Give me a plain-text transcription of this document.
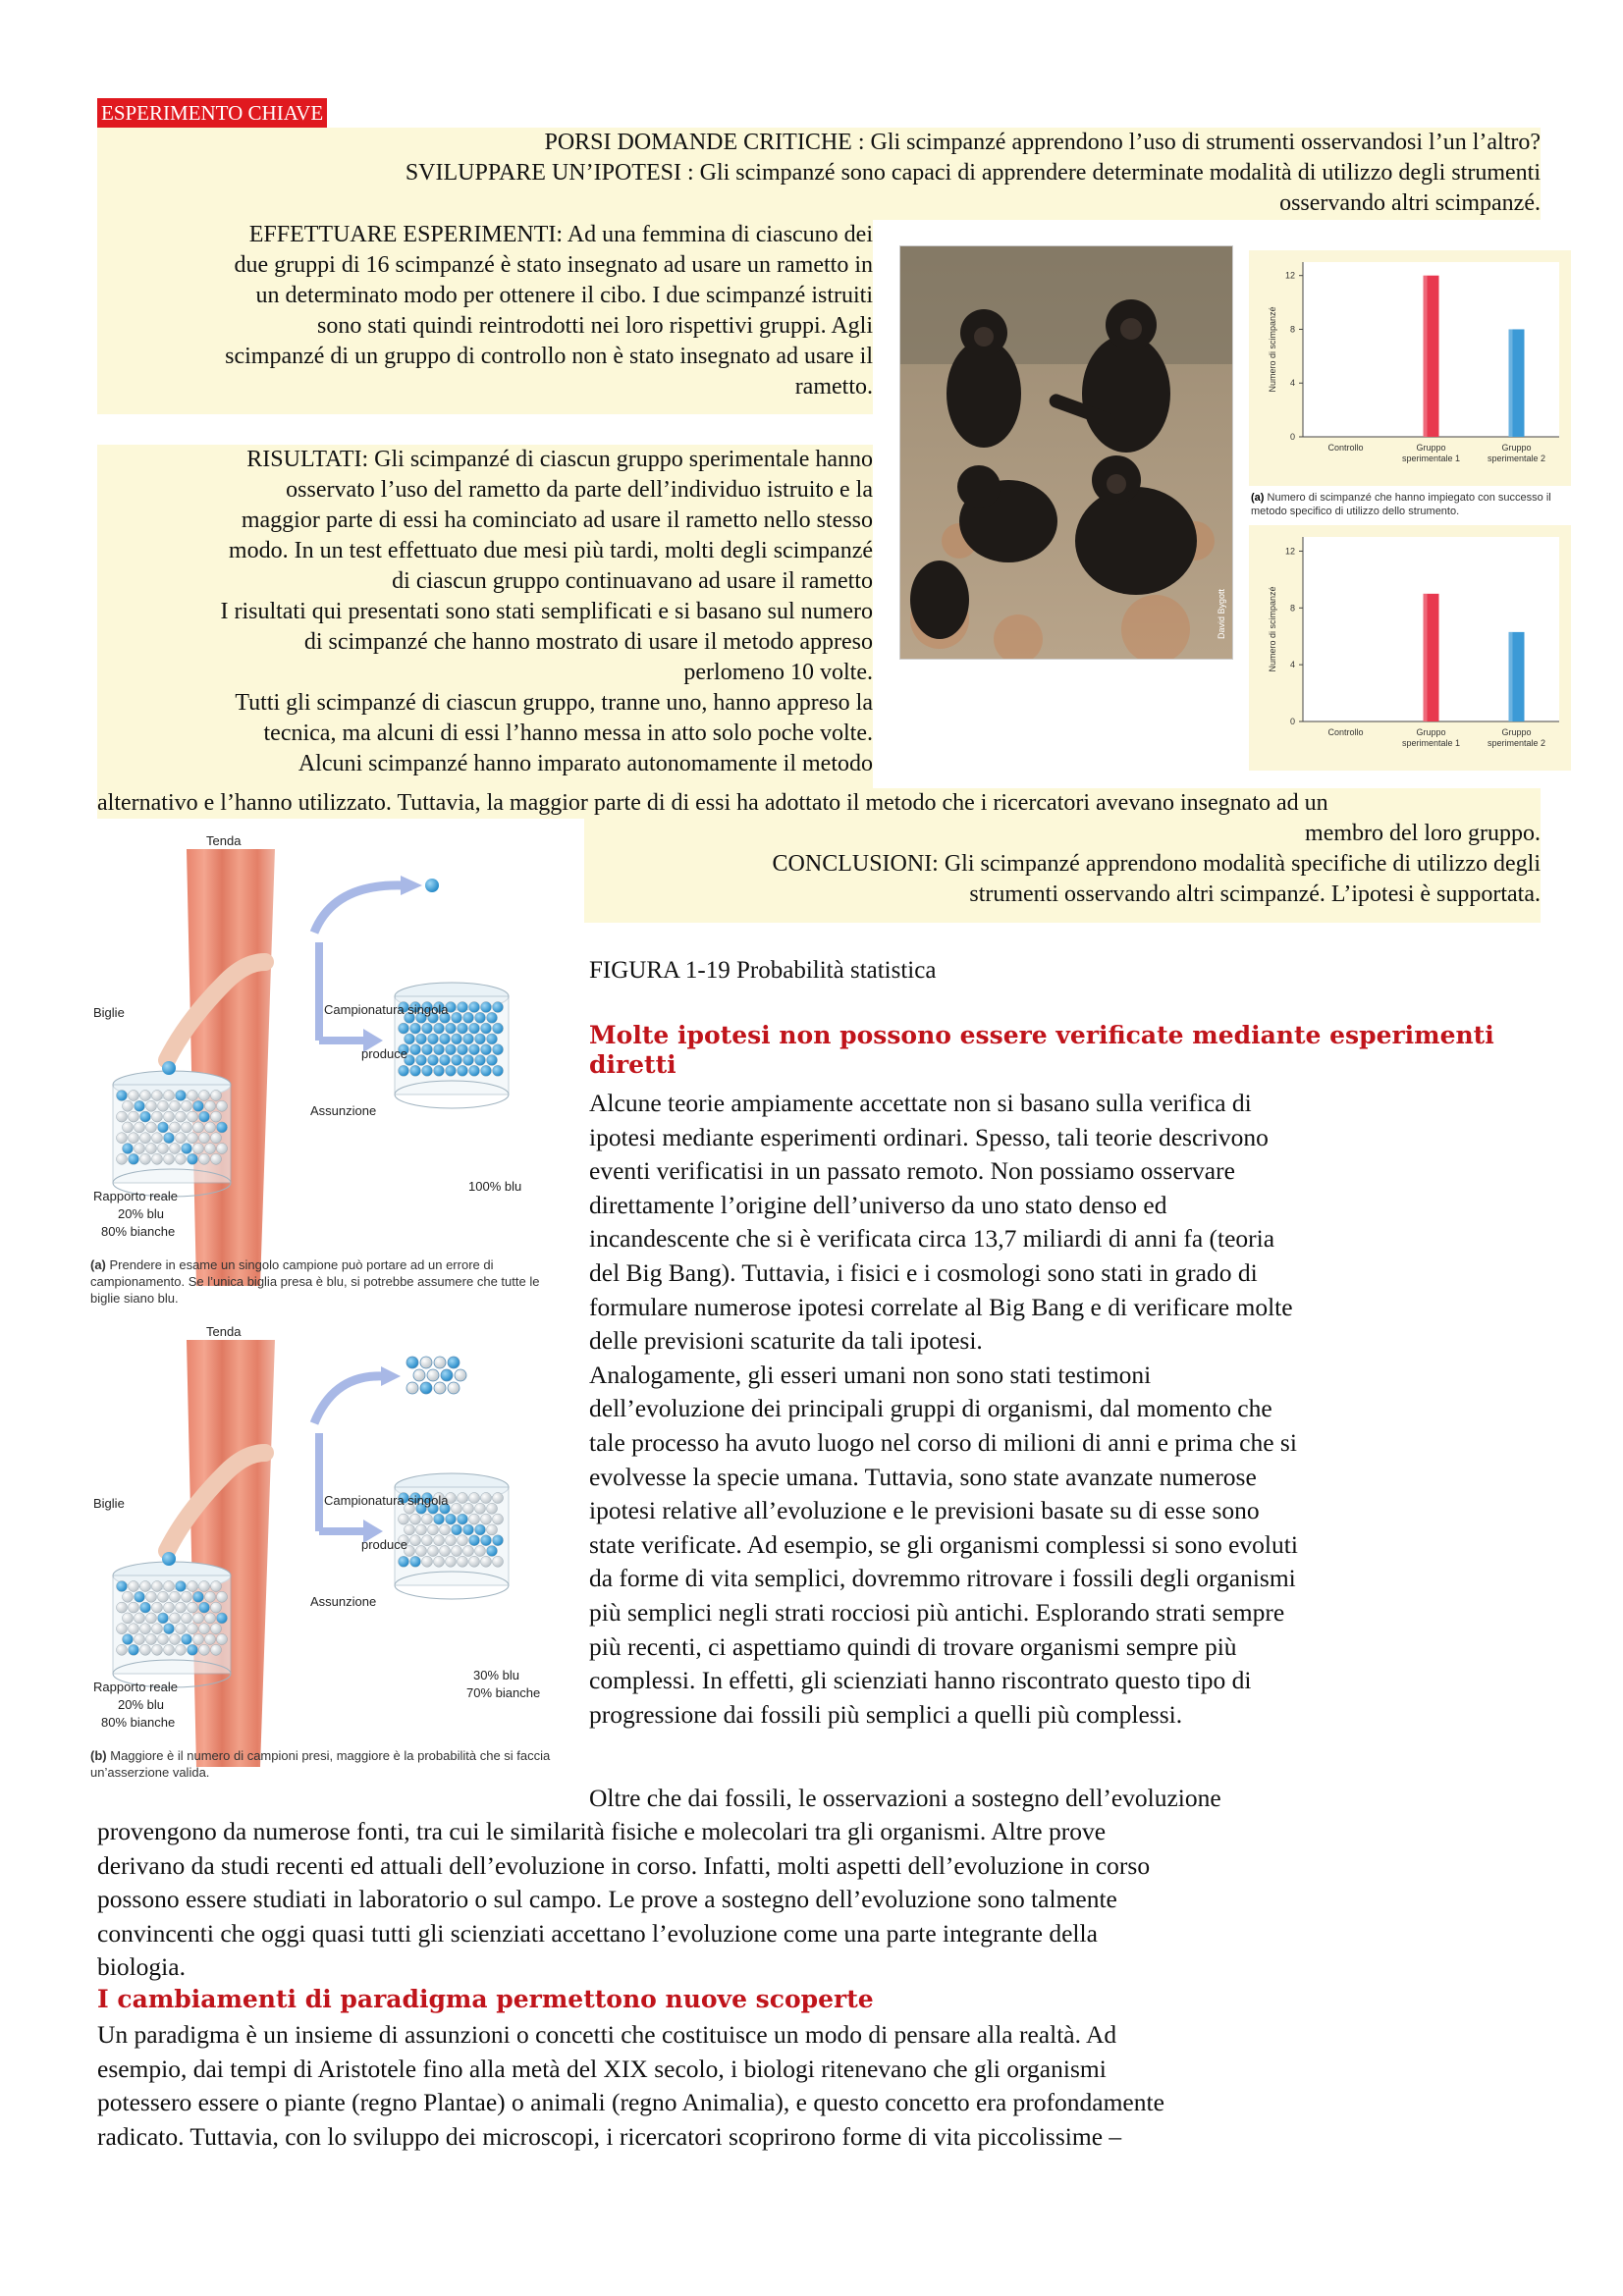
ESPERIMENTO CHIAVE

PORSI DOMANDE CRITICHE : Gli scimpanzé apprendono l’uso di strumenti osservandosi l’un l’altro?

SVILUPPARE UN’IPOTESI : Gli scimpanzé sono capaci di apprendere determinate modalità di utilizzo degli strumenti

osservando altri scimpanzé.

EFFETTUARE ESPERIMENTI: Ad una femmina di ciascuno dei

due gruppi di 16 scimpanzé è stato insegnato ad usare un rametto in

un determinato modo per ottenere il cibo. I due scimpanzé istruiti

sono stati quindi reintrodotti nei loro rispettivi gruppi. Agli

scimpanzé di un gruppo di controllo non è stato insegnato ad usare il

rametto.

RISULTATI: Gli scimpanzé di ciascun gruppo sperimentale hanno

osservato l’uso del rametto da parte dell’individuo istruito e la

maggior parte di essi ha cominciato ad usare il rametto nello stesso

modo. In un test effettuato due mesi più tardi, molti degli scimpanzé

di ciascun gruppo continuavano ad usare il rametto

I risultati qui presentati sono stati semplificati e si basano sul numero

di scimpanzé che hanno mostrato di usare il metodo appreso

perlomeno 10 volte.

Tutti gli scimpanzé di ciascun gruppo, tranne uno, hanno appreso la

tecnica, ma alcuni di essi l’hanno messa in atto solo poche volte.

Alcuni scimpanzé hanno imparato autonomamente il metodo

alternativo e l’hanno utilizzato. Tuttavia, la maggior parte di di essi ha adottato il metodo che i ricercatori avevano insegnato ad un

membro del loro gruppo.

CONCLUSIONI: Gli scimpanzé apprendono modalità specifiche di utilizzo degli

strumenti osservando altri scimpanzé. L’ipotesi è supportata.

David Bygott
0
4
8
12
Numero di scimpanzé
Controllo	Gruppo
sperimentale 1
Gruppo
sperimentale 2
(a) Numero di scimpanzé che hanno impiegato con successo il metodo specifico di utilizzo dello strumento.
0
4
8
12
Numero di scimpanzé
Controllo	Gruppo
sperimentale 1
Gruppo
sperimentale 2
Tenda
Biglie	Campionatura singola
produce
Assunzione
100% blu
Rapporto reale
20% blu
80% bianche
(a) Prendere in esame un singolo campione può portare ad un errore di campionamento. Se l’unica biglia presa è blu, si potrebbe assumere che tutte le biglie siano blu.
Tenda
Biglie	Campionatura singola
produce
Assunzione
30% blu
70% bianche
Rapporto reale
20% blu
80% bianche
(b) Maggiore è il numero di campioni presi, maggiore è la probabilità che si faccia un’asserzione valida.
FIGURA 1-19 Probabilità statistica
Molte ipotesi non possono essere verificate mediante esperimenti diretti
Alcune teorie ampiamente accettate non si basano sulla verifica di
ipotesi mediante esperimenti ordinari. Spesso, tali teorie descrivono
eventi verificatisi in un passato remoto. Non possiamo osservare
direttamente l’origine dell’universo da uno stato denso ed
incandescente che si è verificata circa 13,7 miliardi di anni fa (teoria
del Big Bang). Tuttavia, i fisici e i cosmologi sono stati in grado di
formulare numerose ipotesi correlate al Big Bang e di verificare molte
delle previsioni scaturite da tali ipotesi.
Analogamente, gli esseri umani non sono stati testimoni
dell’evoluzione dei principali gruppi di organismi, dal momento che
tale processo ha avuto luogo nel corso di milioni di anni e prima che si
evolvesse la specie umana. Tuttavia, sono state avanzate numerose
ipotesi relative all’evoluzione e le previsioni basate su di esse sono
state verificate. Ad esempio, se gli organismi complessi si sono evoluti
da forme di vita semplici, dovremmo ritrovare i fossili degli organismi
più semplici negli strati rocciosi più antichi. Esplorando strati sempre
più recenti, ci aspettiamo quindi di trovare organismi sempre più
complessi. In effetti, gli scienziati hanno riscontrato questo tipo di
progressione dai fossili più semplici a quelli più complessi.
Oltre che dai fossili, le osservazioni a sostegno dell’evoluzione
provengono da numerose fonti, tra cui le similarità fisiche e molecolari tra gli organismi. Altre prove
derivano da studi recenti ed attuali dell’evoluzione in corso. Infatti, molti aspetti dell’evoluzione in corso
possono essere studiati in laboratorio o sul campo. Le prove a sostegno dell’evoluzione sono talmente
convincenti che oggi quasi tutti gli scienziati accettano l’evoluzione come una parte integrante della
biologia.
I cambiamenti di paradigma permettono nuove scoperte
Un paradigma è un insieme di assunzioni o concetti che costituisce un modo di pensare alla realtà. Ad
esempio, dai tempi di Aristotele fino alla metà del XIX secolo, i biologi ritenevano che gli organismi
potessero essere o piante (regno Plantae) o animali (regno Animalia), e questo concetto era profondamente
radicato. Tuttavia, con lo sviluppo dei microscopi, i ricercatori scoprirono forme di vita piccolissime –
